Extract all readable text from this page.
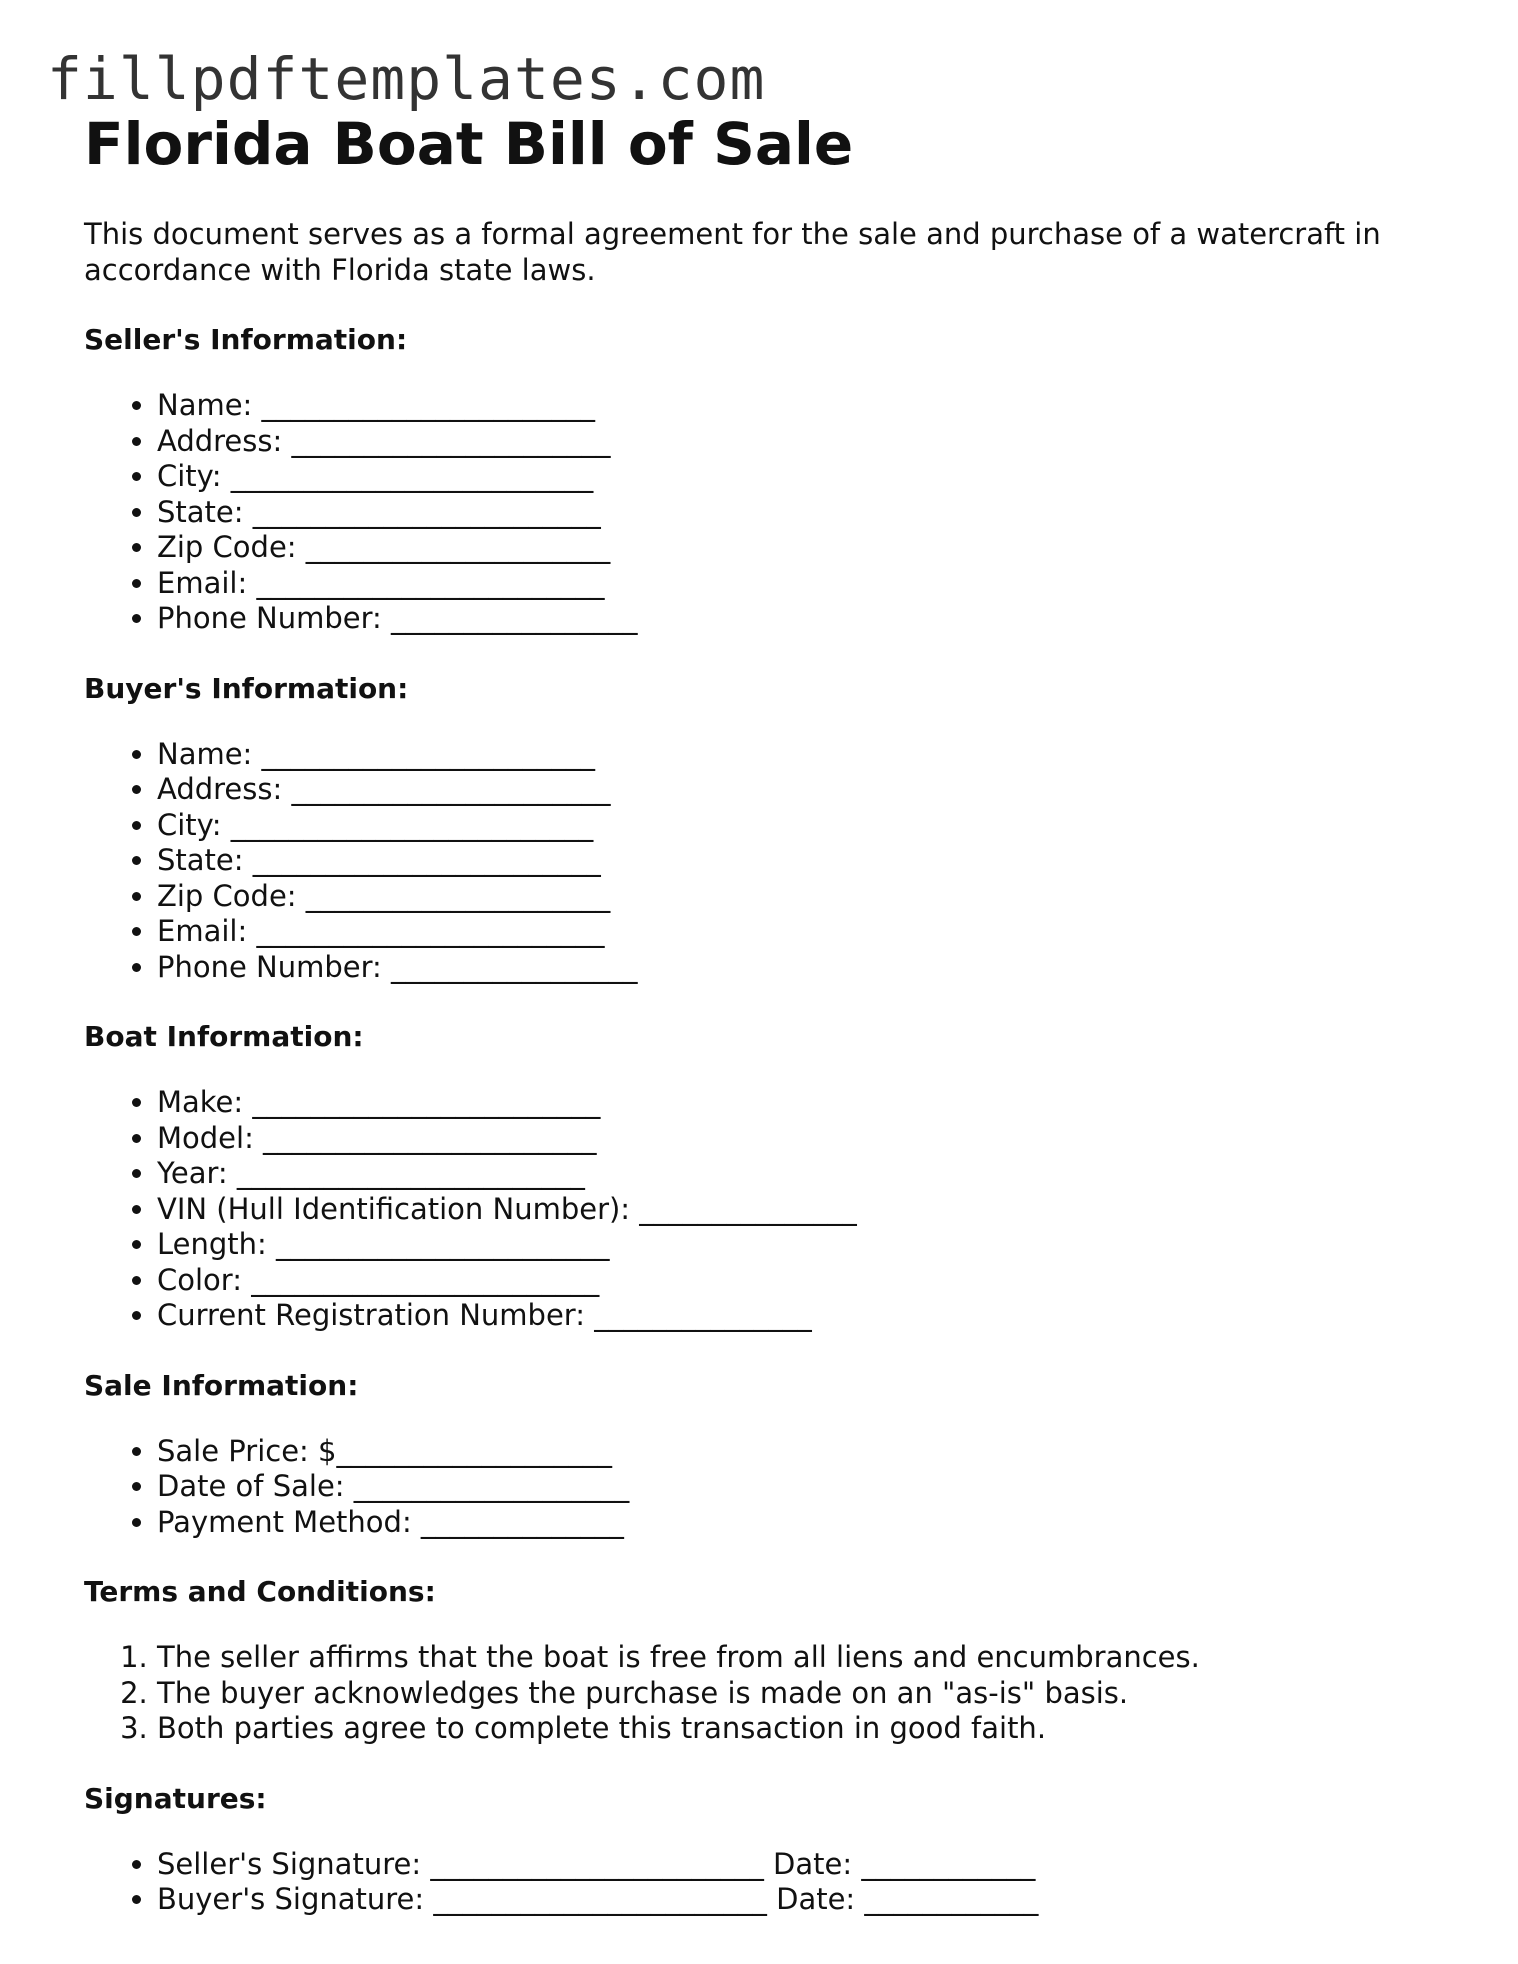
fillpdftemplates.com
Florida Boat Bill of Sale

This document serves as a formal agreement for the sale and purchase of a watercraft in accordance with Florida state laws.

Seller's Information:
• Name: _______________________
• Address: ______________________
• City: _________________________
• State: ________________________
• Zip Code: _____________________
• Email: ________________________
• Phone Number: _________________
Buyer's Information:
• Name: _______________________
• Address: ______________________
• City: _________________________
• State: ________________________
• Zip Code: _____________________
• Email: ________________________
• Phone Number: _________________
Boat Information:
• Make: ________________________
• Model: _______________________
• Year: ________________________
• VIN (Hull Identification Number): _______________
• Length: _______________________
• Color: ________________________
• Current Registration Number: _______________
Sale Information:
• Sale Price: $___________________
• Date of Sale: ___________________
• Payment Method: ______________
Terms and Conditions:
1. The seller affirms that the boat is free from all liens and encumbrances.
2. The buyer acknowledges the purchase is made on an "as-is" basis.
3. Both parties agree to complete this transaction in good faith.
Signatures:
• Seller's Signature: _______________________ Date: ____________
• Buyer's Signature: _______________________ Date: ____________
